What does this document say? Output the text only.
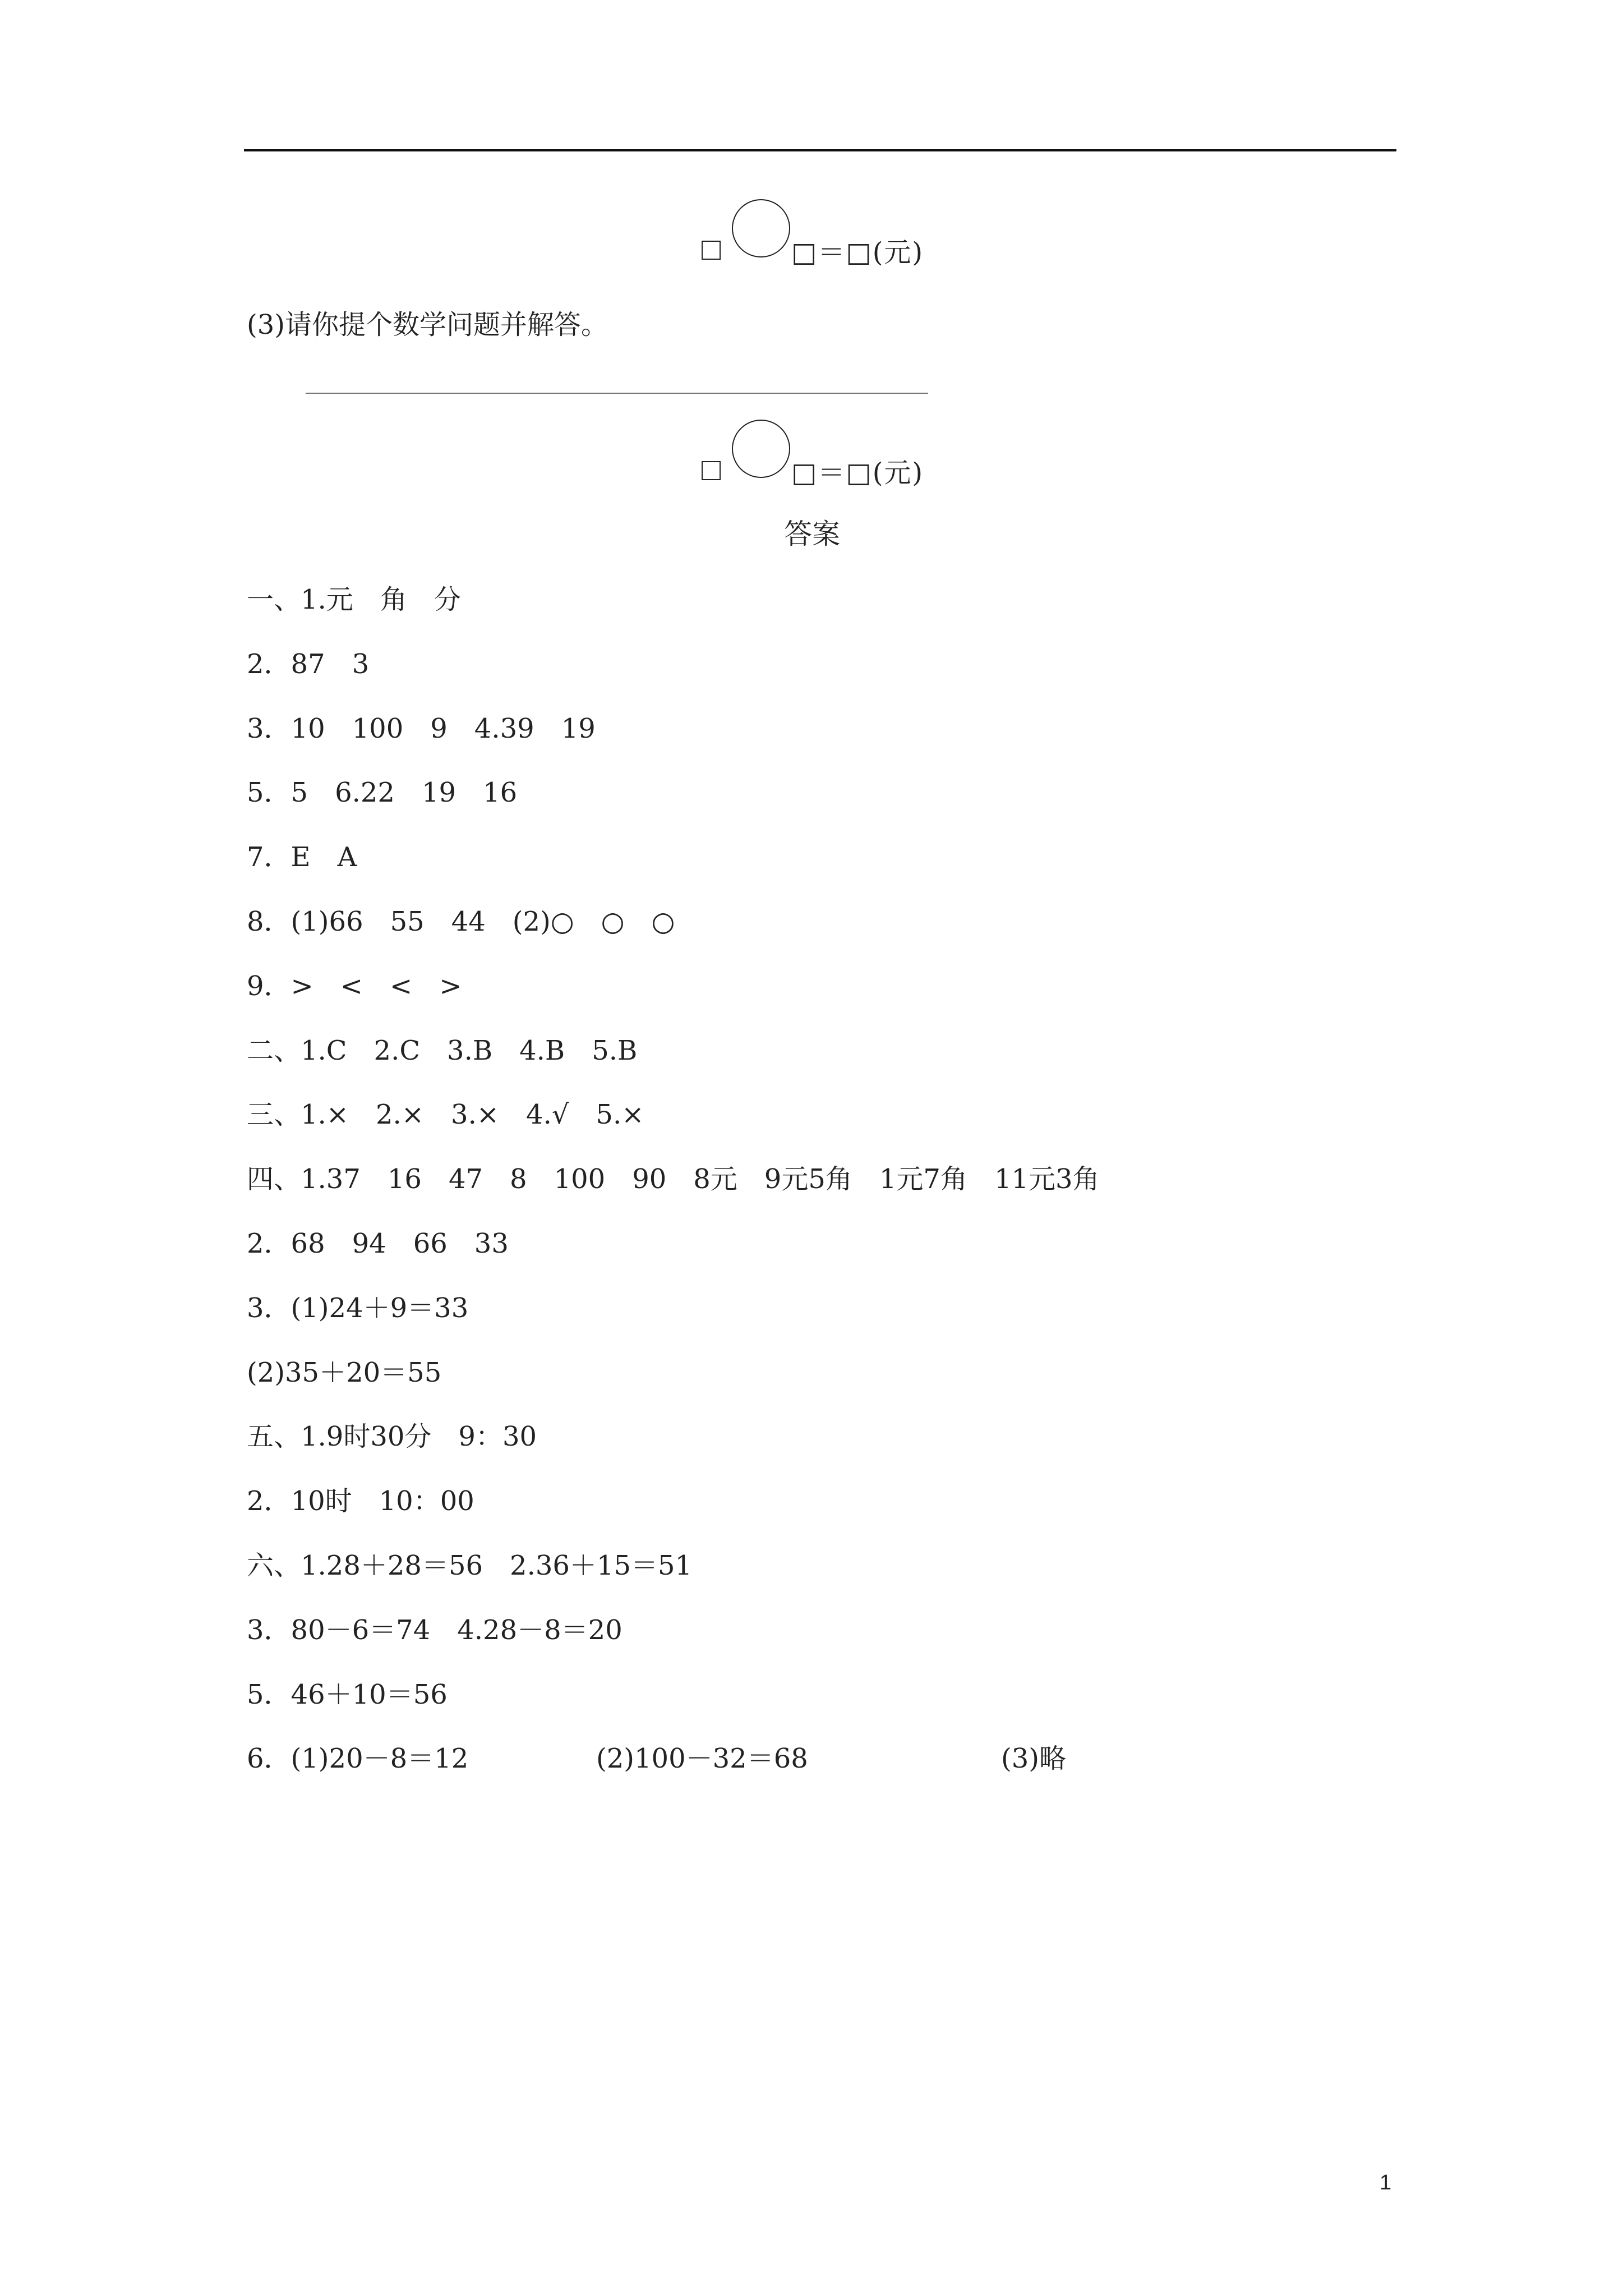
□＝□(元)
(3)请你提个数学问题并解答。
□＝□(元)
答案
一、1.元　角　分
2．87　3
3．10　100　9　4.39　19
5．5　6.22　19　16
7．E　A
8．(1)66　55　44　(2)○　○　○
9．>　<　<　>
二、1.C　2.C　3.B　4.B　5.B
三、1.×　2.×　3.×　4.√　5.×
四、1.37　16　47　8　100　90　8元　9元5角　1元7角　11元3角
2．68　94　66　33
3．(1)24＋9＝33
(2)35＋20＝55
五、1.9时30分　9：30
2．10时　10：00
六、1.28＋28＝56　2.36＋15＝51
3．80－6＝74　4.28－8＝20
5．46＋10＝56
6．(1)20－8＝12	(2)100－32＝68	(3)略
1
